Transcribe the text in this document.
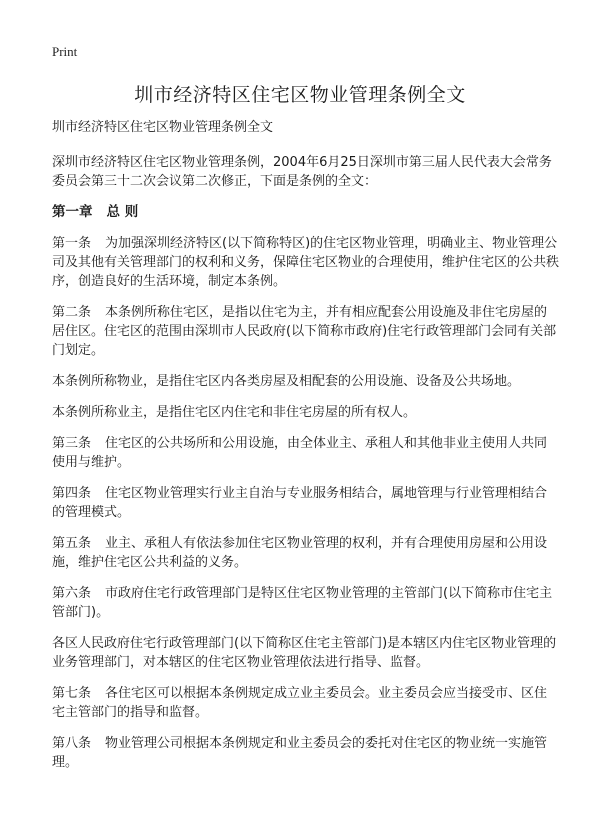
Print
圳市经济特区住宅区物业管理条例全文

圳市经济特区住宅区物业管理条例全文

深圳市经济特区住宅区物业管理条例，2004年6月25日深圳市第三届人民代表大会常务委员会第三十二次会议第二次修正，下面是条例的全文：

第一章 总 则

第一条 为加强深圳经济特区(以下简称特区)的住宅区物业管理，明确业主、物业管理公司及其他有关管理部门的权利和义务，保障住宅区物业的合理使用，维护住宅区的公共秩序，创造良好的生活环境，制定本条例。

第二条 本条例所称住宅区，是指以住宅为主，并有相应配套公用设施及非住宅房屋的居住区。住宅区的范围由深圳市人民政府(以下简称市政府)住宅行政管理部门会同有关部门划定。

本条例所称物业，是指住宅区内各类房屋及相配套的公用设施、设备及公共场地。

本条例所称业主，是指住宅区内住宅和非住宅房屋的所有权人。

第三条 住宅区的公共场所和公用设施，由全体业主、承租人和其他非业主使用人共同使用与维护。

第四条 住宅区物业管理实行业主自治与专业服务相结合，属地管理与行业管理相结合的管理模式。

第五条 业主、承租人有依法参加住宅区物业管理的权利，并有合理使用房屋和公用设施，维护住宅区公共利益的义务。

第六条 市政府住宅行政管理部门是特区住宅区物业管理的主管部门(以下简称市住宅主管部门)。

各区人民政府住宅行政管理部门(以下简称区住宅主管部门)是本辖区内住宅区物业管理的业务管理部门，对本辖区的住宅区物业管理依法进行指导、监督。

第七条 各住宅区可以根据本条例规定成立业主委员会。业主委员会应当接受市、区住宅主管部门的指导和监督。

第八条 物业管理公司根据本条例规定和业主委员会的委托对住宅区的物业统一实施管理。
